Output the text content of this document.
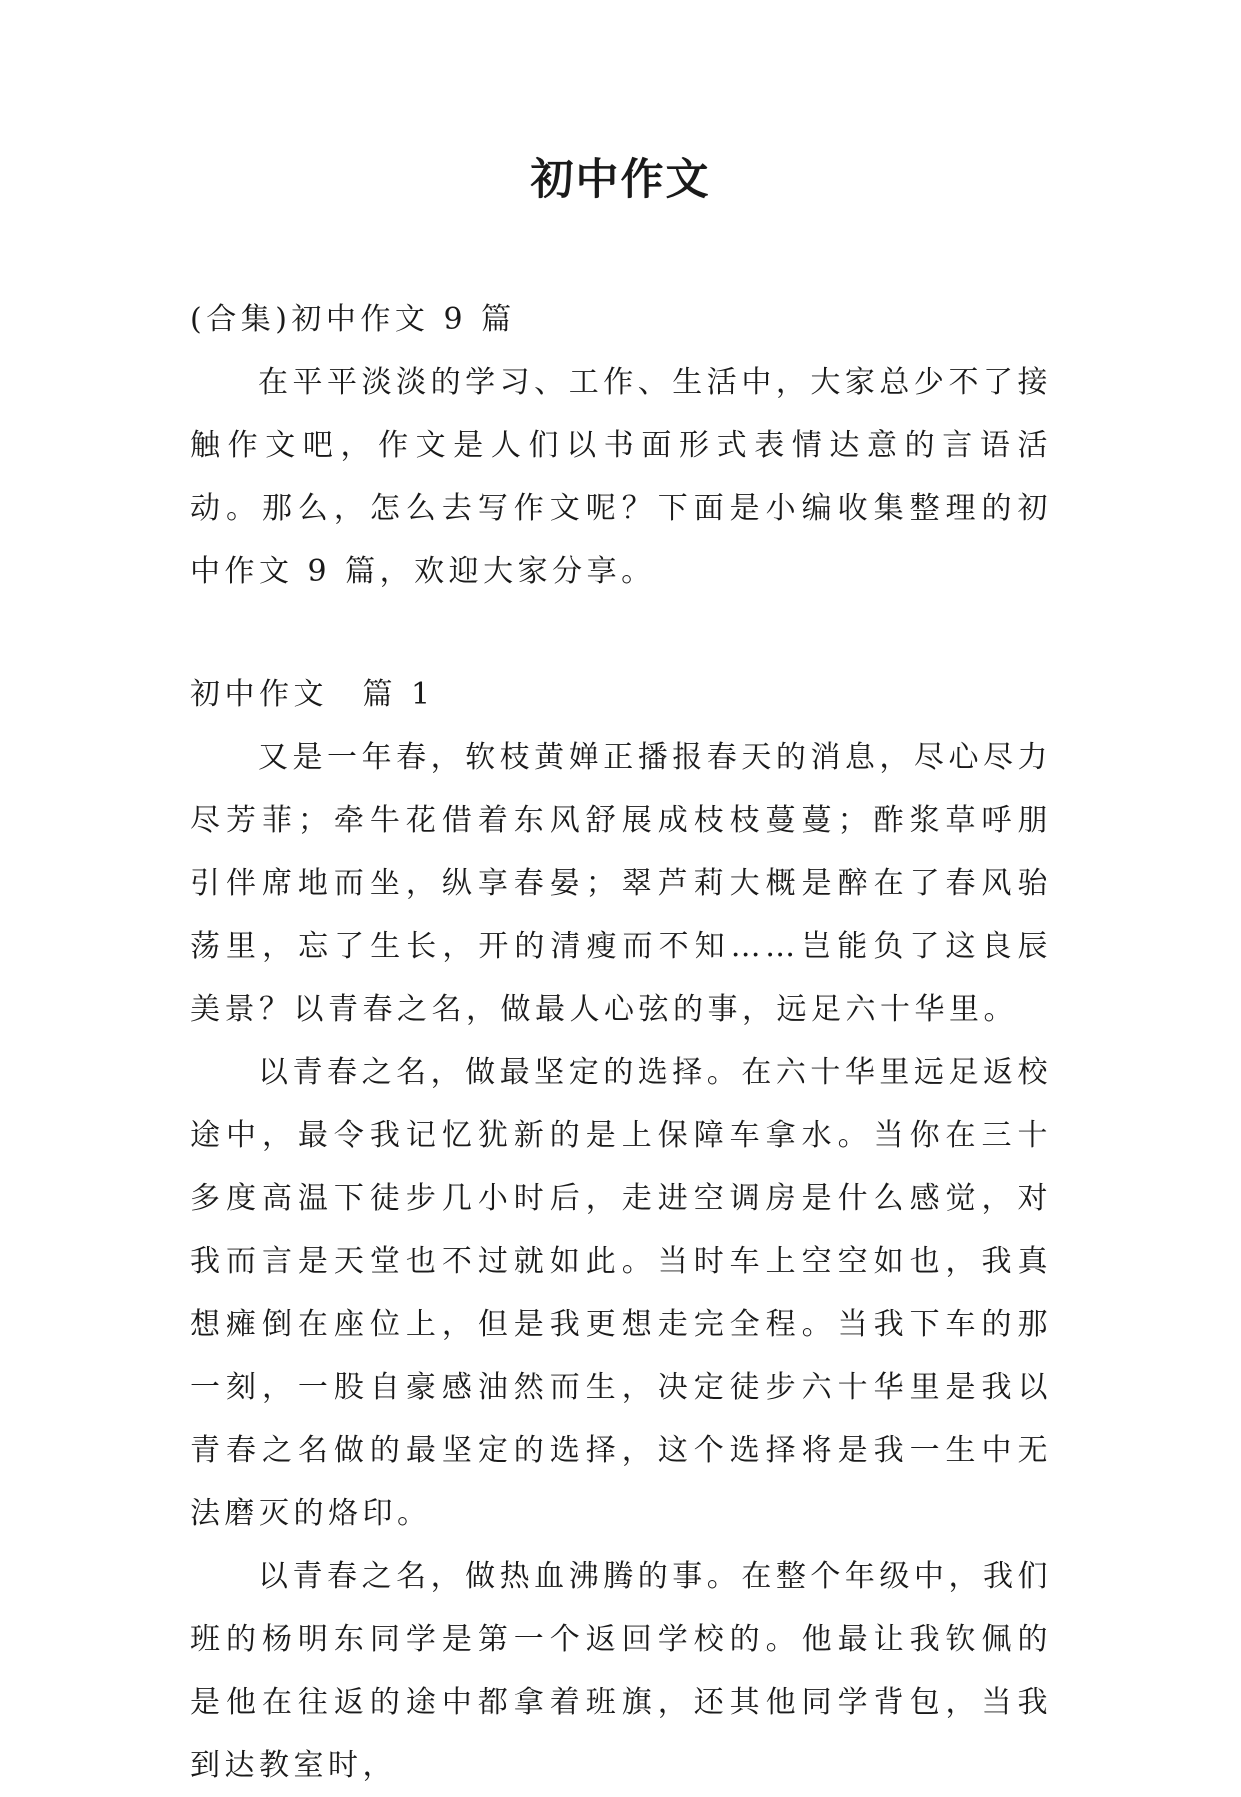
初中作文

(合集)初中作文 9 篇

在平平淡淡的学习、工作、生活中，大家总少不了接触作文吧，作文是人们以书面形式表情达意的言语活动。那么，怎么去写作文呢？下面是小编收集整理的初中作文 9 篇，欢迎大家分享。

初中作文　篇 1

又是一年春，软枝黄婵正播报春天的消息，尽心尽力尽芳菲；牵牛花借着东风舒展成枝枝蔓蔓；酢浆草呼朋引伴席地而坐，纵享春晏；翠芦莉大概是醉在了春风骀荡里，忘了生长，开的清瘦而不知……岂能负了这良辰美景？以青春之名，做最人心弦的事，远足六十华里。

以青春之名，做最坚定的选择。在六十华里远足返校途中，最令我记忆犹新的是上保障车拿水。当你在三十多度高温下徒步几小时后，走进空调房是什么感觉，对我而言是天堂也不过就如此。当时车上空空如也，我真想瘫倒在座位上，但是我更想走完全程。当我下车的那一刻，一股自豪感油然而生，决定徒步六十华里是我以青春之名做的最坚定的选择，这个选择将是我一生中无法磨灭的烙印。

以青春之名，做热血沸腾的事。在整个年级中，我们班的杨明东同学是第一个返回学校的。他最让我钦佩的是他在往返的途中都拿着班旗，还其他同学背包，当我到达教室时，
